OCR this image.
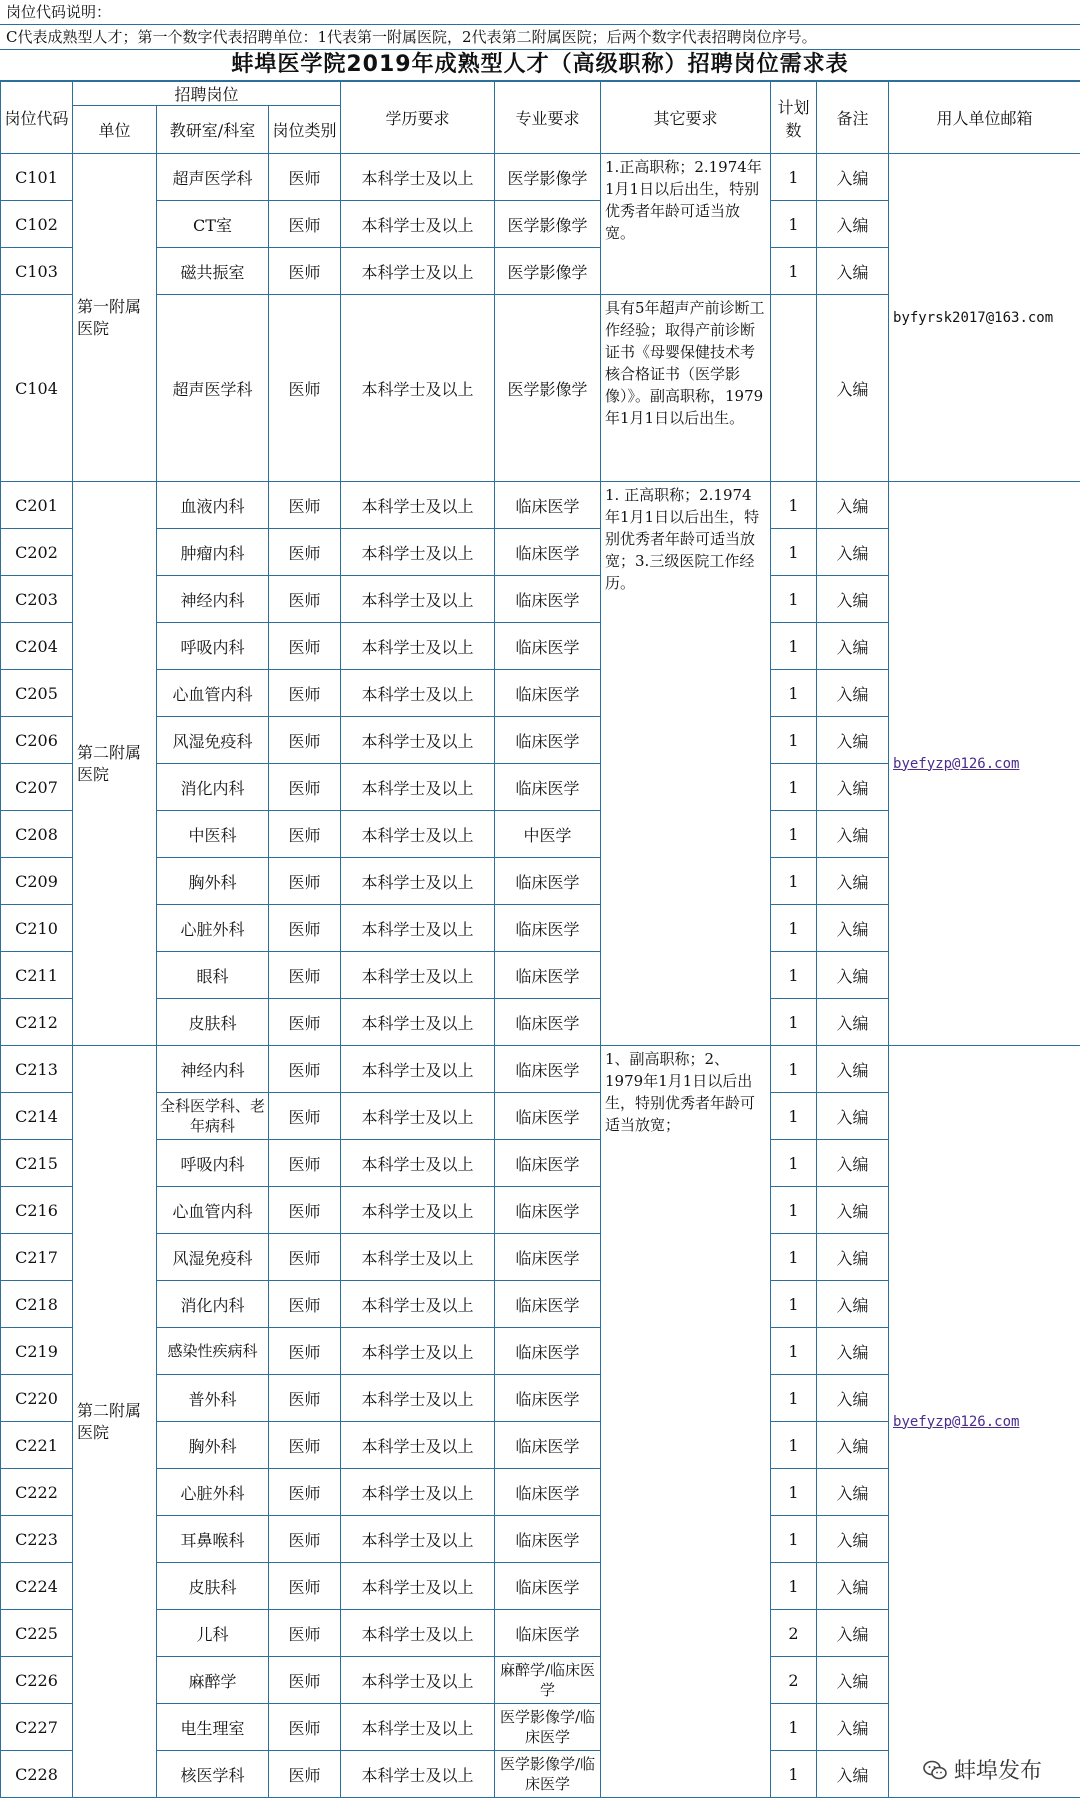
岗位代码说明：
C代表成熟型人才；第一个数字代表招聘单位：1代表第一附属医院，2代表第二附属医院；后两个数字代表招聘岗位序号。
蚌埠医学院2019年成熟型人才（高级职称）招聘岗位需求表
岗位代码	招聘岗位			学历要求	专业要求	其它要求	计划数	备注	用人单位邮箱
	单位	教研室/科室	岗位类别						
C101	第一附属医院	超声医学科	医师	本科学士及以上	医学影像学	1.正高职称；2.1974年1月1日以后出生，特别优秀者年龄可适当放宽。	1	入编	byfyrsk2017@163.com
C102		CT室	医师	本科学士及以上	医学影像学		1	入编	
C103		磁共振室	医师	本科学士及以上	医学影像学		1	入编	
C104		超声医学科	医师	本科学士及以上	医学影像学	具有5年超声产前诊断工作经验；取得产前诊断证书《母婴保健技术考核合格证书（医学影像）》。副高职称，1979年1月1日以后出生。		入编	
C201	第二附属医院	血液内科	医师	本科学士及以上	临床医学	1. 正高职称；2.1974年1月1日以后出生，特别优秀者年龄可适当放宽；3.三级医院工作经历。	1	入编	byefyzp@126.com
C202		肿瘤内科	医师	本科学士及以上	临床医学		1	入编	
C203		神经内科	医师	本科学士及以上	临床医学		1	入编	
C204		呼吸内科	医师	本科学士及以上	临床医学		1	入编	
C205		心血管内科	医师	本科学士及以上	临床医学		1	入编	
C206		风湿免疫科	医师	本科学士及以上	临床医学		1	入编	
C207		消化内科	医师	本科学士及以上	临床医学		1	入编	
C208		中医科	医师	本科学士及以上	中医学		1	入编	
C209		胸外科	医师	本科学士及以上	临床医学		1	入编	
C210		心脏外科	医师	本科学士及以上	临床医学		1	入编	
C211		眼科	医师	本科学士及以上	临床医学		1	入编	
C212		皮肤科	医师	本科学士及以上	临床医学		1	入编	
C213	第二附属医院	神经内科	医师	本科学士及以上	临床医学	1、副高职称；2、1979年1月1日以后出生，特别优秀者年龄可适当放宽；	1	入编	byefyzp@126.com
C214		全科医学科、老年病科	医师	本科学士及以上	临床医学		1	入编	
C215		呼吸内科	医师	本科学士及以上	临床医学		1	入编	
C216		心血管内科	医师	本科学士及以上	临床医学		1	入编	
C217		风湿免疫科	医师	本科学士及以上	临床医学		1	入编	
C218		消化内科	医师	本科学士及以上	临床医学		1	入编	
C219		感染性疾病科	医师	本科学士及以上	临床医学		1	入编	
C220		普外科	医师	本科学士及以上	临床医学		1	入编	
C221		胸外科	医师	本科学士及以上	临床医学		1	入编	
C222		心脏外科	医师	本科学士及以上	临床医学		1	入编	
C223		耳鼻喉科	医师	本科学士及以上	临床医学		1	入编	
C224		皮肤科	医师	本科学士及以上	临床医学		1	入编	
C225		儿科	医师	本科学士及以上	临床医学		2	入编	
C226		麻醉学	医师	本科学士及以上	麻醉学/临床医学		2	入编	
C227		电生理室	医师	本科学士及以上	医学影像学/临床医学		1	入编	
C228		核医学科	医师	本科学士及以上	医学影像学/临床医学		1	入编		蚌埠发布
